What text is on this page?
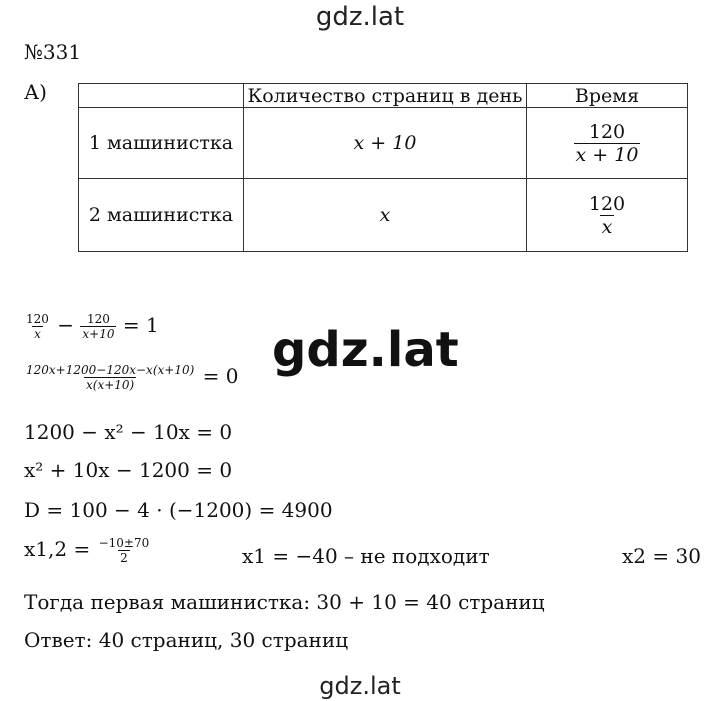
gdz.lat
№331
А)
		Количество страниц в день	Время
1 машинистка	x + 10	$\frac{120}{x + 10}$

2 машинистка	x	$\frac{120}{x}$
$\frac{120}{x} - \frac{120}{x+10} = 1$ gdz.lat
$\frac{120x+1200-120x-x(x+10)}{x(x+10)} = 0$
1200 − x² − 10x = 0
x² + 10x − 1200 = 0
D = 100 − 4 · (−1200) = 4900
$x1,2 = \frac{-10\pm 70}{2}$	x1 = −40 – не подходит	x2 = 30
Тогда первая машинистка: 30 + 10 = 40 страниц
Ответ: 40 страниц, 30 страниц
gdz.lat
